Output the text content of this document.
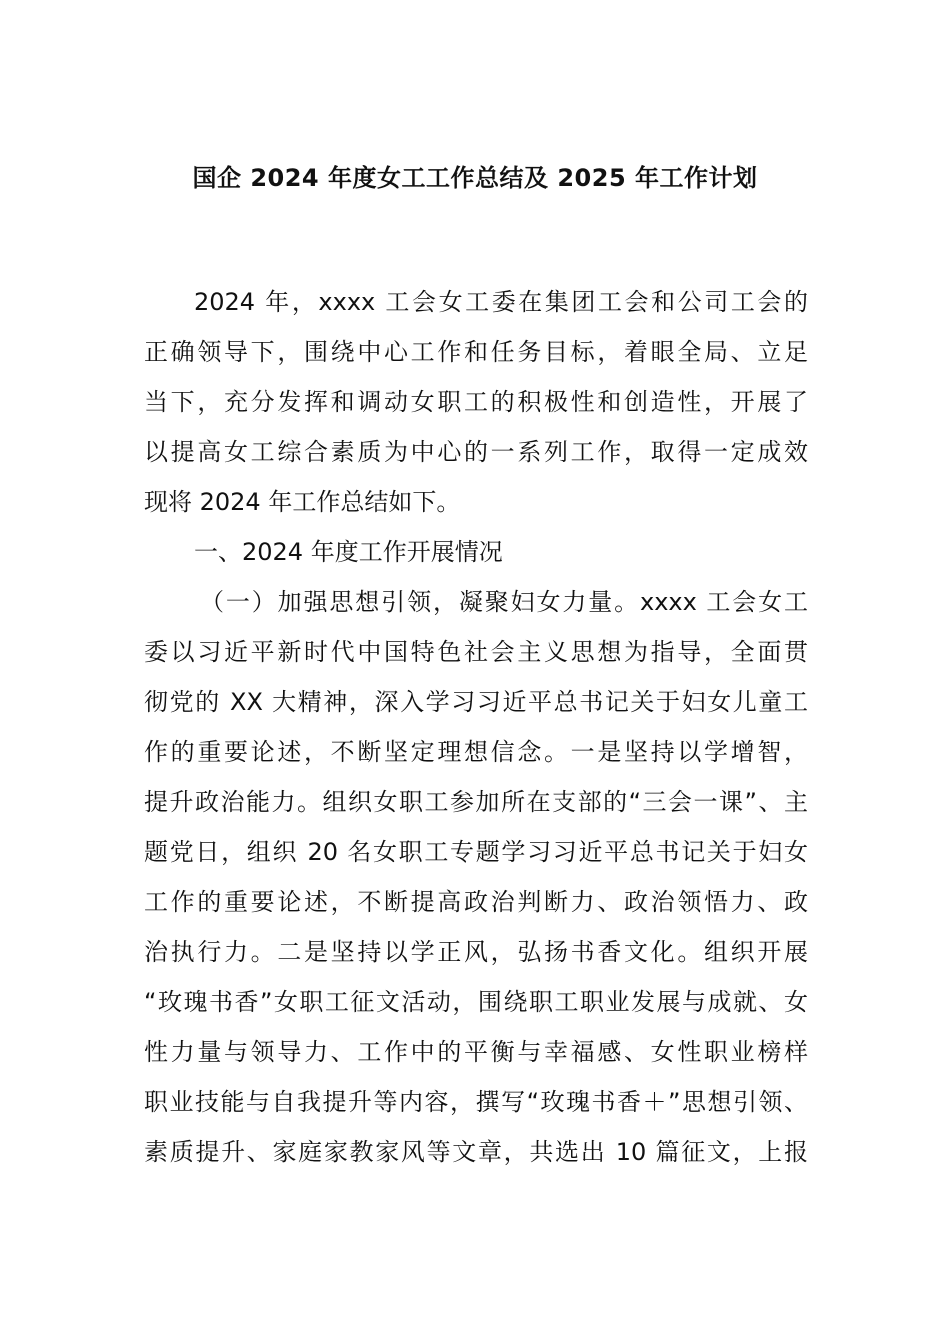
国企 2024 年度女工工作总结及 2025 年工作计划
2024 年，xxxx 工会女工委在集团工会和公司工会的
正确领导下，围绕中心工作和任务目标，着眼全局、立足
当下，充分发挥和调动女职工的积极性和创造性，开展了
以提高女工综合素质为中心的一系列工作，取得一定成效
现将 2024 年工作总结如下。
一、2024 年度工作开展情况
（一）加强思想引领，凝聚妇女力量。xxxx 工会女工
委以习近平新时代中国特色社会主义思想为指导，全面贯
彻党的 XX 大精神，深入学习习近平总书记关于妇女儿童工
作的重要论述，不断坚定理想信念。一是坚持以学增智，
提升政治能力。组织女职工参加所在支部的“三会一课”、主
题党日，组织 20 名女职工专题学习习近平总书记关于妇女
工作的重要论述，不断提高政治判断力、政治领悟力、政
治执行力。二是坚持以学正风，弘扬书香文化。组织开展
“玫瑰书香”女职工征文活动，围绕职工职业发展与成就、女
性力量与领导力、工作中的平衡与幸福感、女性职业榜样
职业技能与自我提升等内容，撰写“玫瑰书香＋”思想引领、
素质提升、家庭家教家风等文章，共选出 10 篇征文，上报
